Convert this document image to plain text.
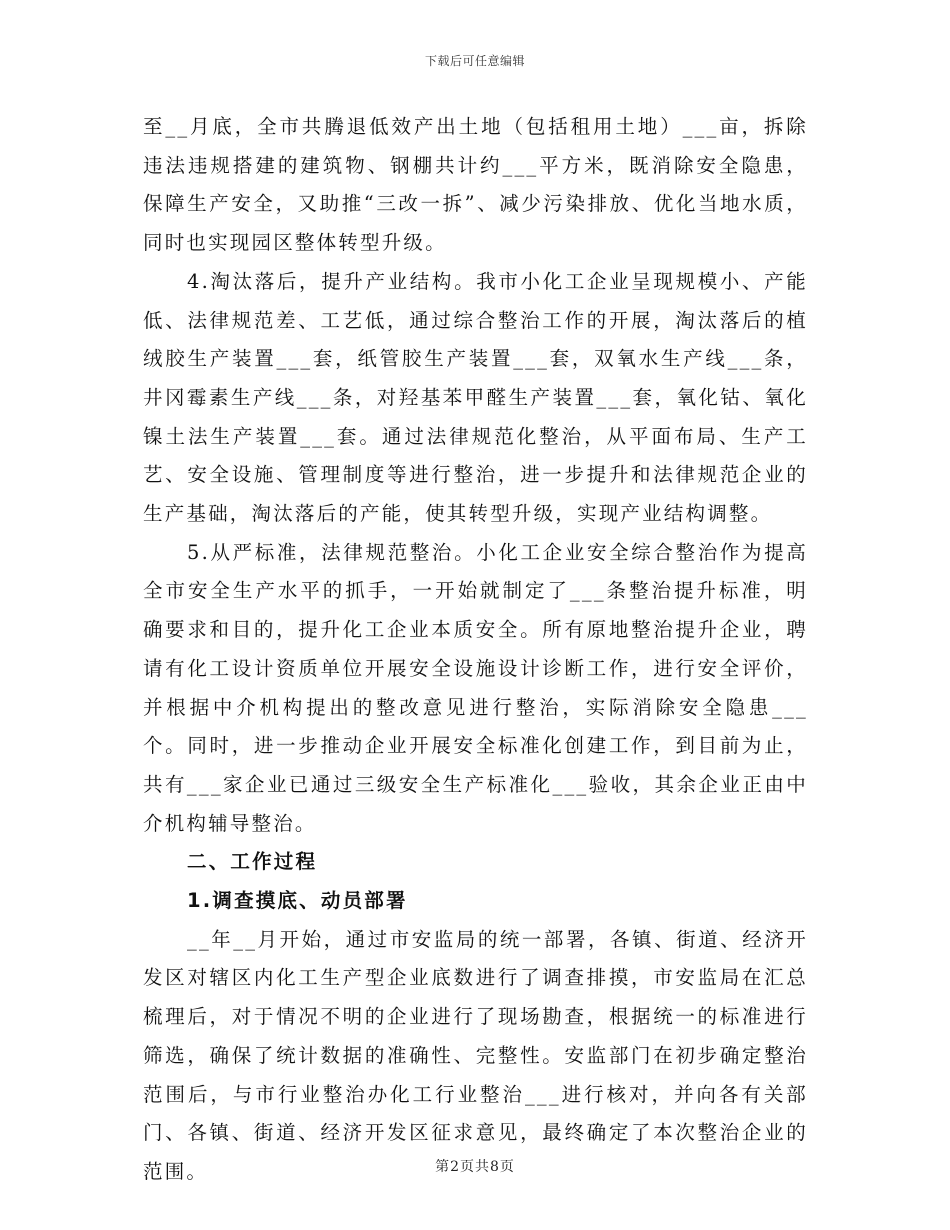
下载后可任意编辑

至__月底，全市共腾退低效产出土地（包括租用土地）___亩，拆除违法违规搭建的建筑物、钢棚共计约___平方米，既消除安全隐患，保障生产安全，又助推“三改一拆”、减少污染排放、优化当地水质，同时也实现园区整体转型升级。

4.淘汰落后，提升产业结构。我市小化工企业呈现规模小、产能低、法律规范差、工艺低，通过综合整治工作的开展，淘汰落后的植绒胶生产装置___套，纸管胶生产装置___套，双氧水生产线___条，井冈霉素生产线___条，对羟基苯甲醛生产装置___套，氧化钴、氧化镍土法生产装置___套。通过法律规范化整治，从平面布局、生产工艺、安全设施、管理制度等进行整治，进一步提升和法律规范企业的生产基础，淘汰落后的产能，使其转型升级，实现产业结构调整。

5.从严标准，法律规范整治。小化工企业安全综合整治作为提高全市安全生产水平的抓手，一开始就制定了___条整治提升标准，明确要求和目的，提升化工企业本质安全。所有原地整治提升企业，聘请有化工设计资质单位开展安全设施设计诊断工作，进行安全评价，并根据中介机构提出的整改意见进行整治，实际消除安全隐患___个。同时，进一步推动企业开展安全标准化创建工作，到目前为止，共有___家企业已通过三级安全生产标准化___验收，其余企业正由中介机构辅导整治。

二、工作过程

1.调查摸底、动员部署

__年__月开始，通过市安监局的统一部署，各镇、街道、经济开发区对辖区内化工生产型企业底数进行了调查排摸，市安监局在汇总梳理后，对于情况不明的企业进行了现场勘查，根据统一的标准进行筛选，确保了统计数据的准确性、完整性。安监部门在初步确定整治范围后，与市行业整治办化工行业整治___进行核对，并向各有关部门、各镇、街道、经济开发区征求意见，最终确定了本次整治企业的范围。	第2页共8页
